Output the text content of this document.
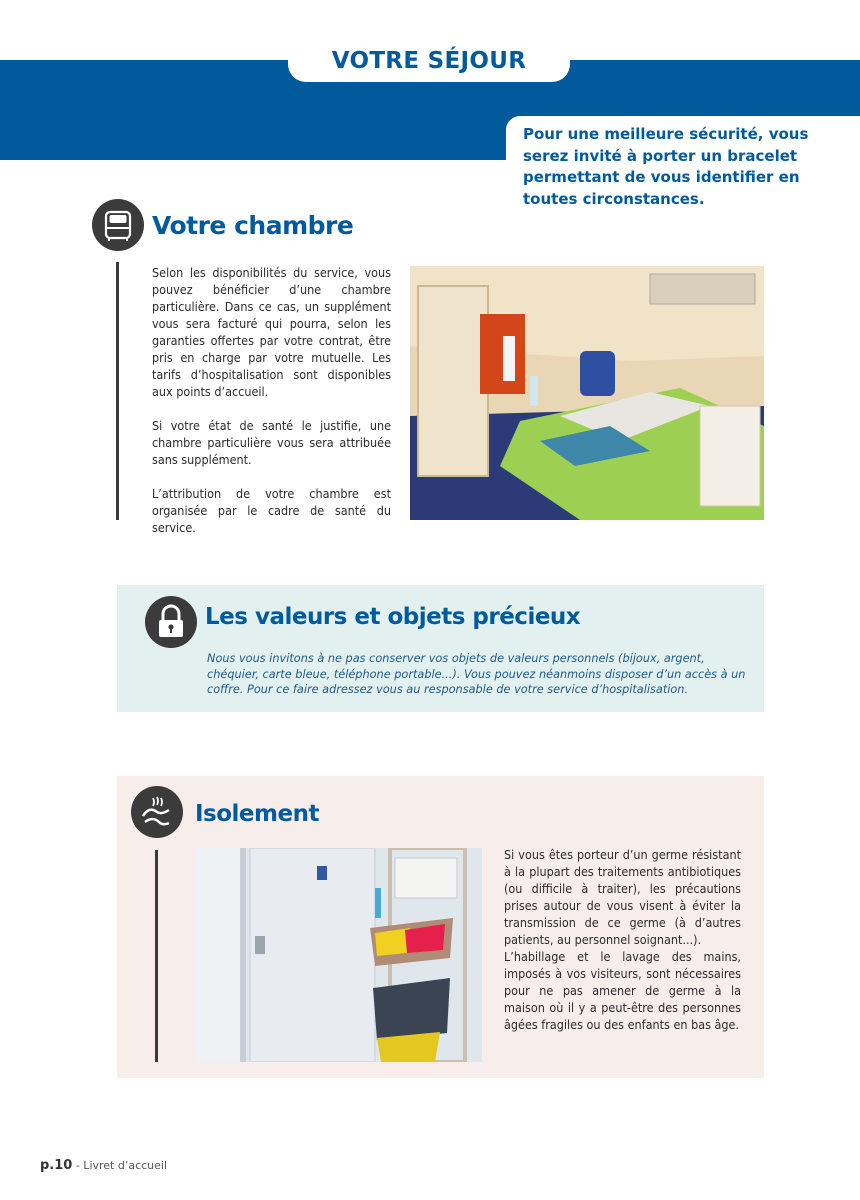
VOTRE SÉJOUR
Pour une meilleure sécurité, vous serez invité à porter un bracelet permettant de vous identifier en toutes circonstances.
Votre chambre

Selon les disponibilités du service, vous pouvez bénéficier d’une chambre particulière. Dans ce cas, un supplément vous sera facturé qui pourra, selon les garanties offertes par votre contrat, être pris en charge par votre mutuelle. Les tarifs d’hospitalisation sont disponibles aux points d’accueil.

Si votre état de santé le justifie, une chambre particulière vous sera attribuée sans supplément.

L’attribution de votre chambre est organisée par le cadre de santé du service.

Les valeurs et objets précieux
Nous vous invitons à ne pas conserver vos objets de valeurs personnels (bijoux, argent, chéquier, carte bleue, téléphone portable...). Vous pouvez néanmoins disposer d’un accès à un coffre. Pour ce faire adressez vous au responsable de votre service d’hospitalisation.
Isolement
Si vous êtes porteur d’un germe résistant à la plupart des traitements antibiotiques (ou difficile à traiter), les précautions prises autour de vous visent à éviter la transmission de ce germe (à d’autres patients, au personnel soignant...).
L’habillage et le lavage des mains, imposés à vos visiteurs, sont nécessaires pour ne pas amener de germe à la maison où il y a peut-être des personnes âgées fragiles ou des enfants en bas âge.
p.10 - Livret d’accueil
